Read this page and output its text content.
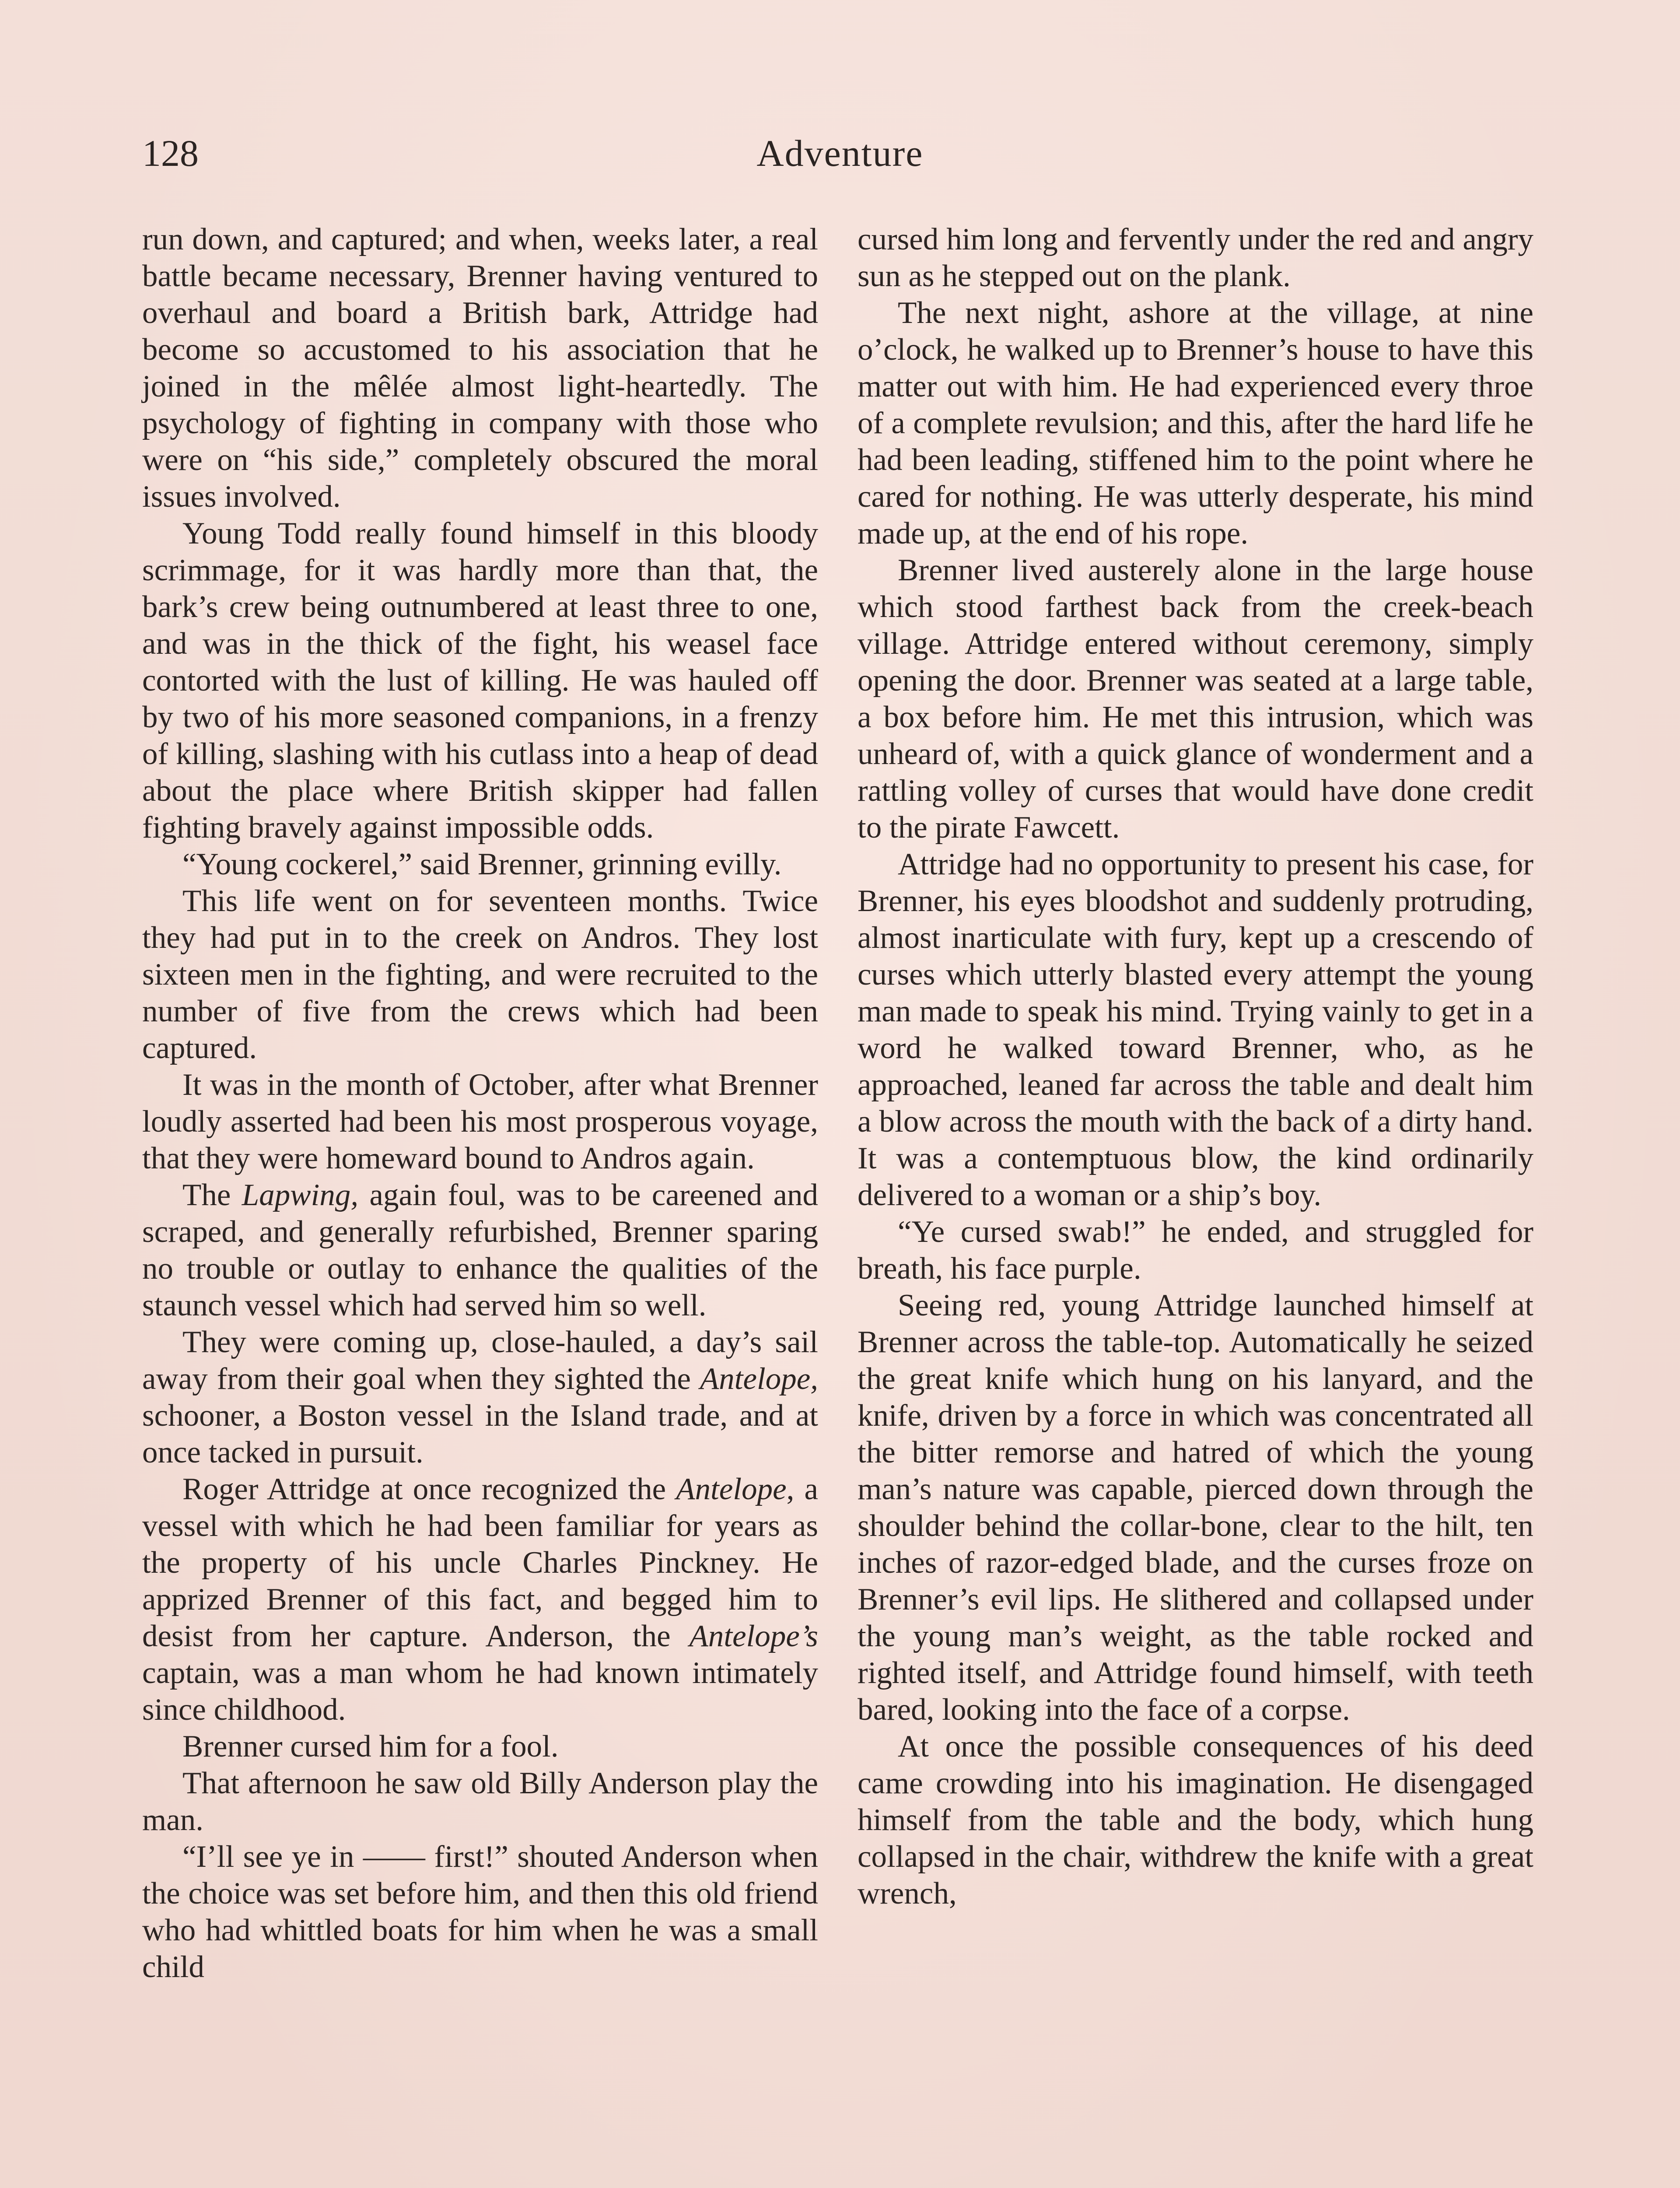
128	Adventure

run down, and captured; and when, weeks later, a real battle became necessary, Brenner having ventured to overhaul and board a British bark, Attridge had become so accustomed to his association that he joined in the mêlée almost light-heartedly. The psychology of fighting in company with those who were on “his side,” completely obscured the moral issues involved.

Young Todd really found himself in this bloody scrimmage, for it was hardly more than that, the bark’s crew being outnumbered at least three to one, and was in the thick of the fight, his weasel face contorted with the lust of killing. He was hauled off by two of his more seasoned companions, in a frenzy of killing, slashing with his cutlass into a heap of dead about the place where British skipper had fallen fighting bravely against impossible odds.

“Young cockerel,” said Brenner, grinning evilly.

This life went on for seventeen months. Twice they had put in to the creek on Andros. They lost sixteen men in the fighting, and were recruited to the number of five from the crews which had been captured.

It was in the month of October, after what Brenner loudly asserted had been his most prosperous voyage, that they were homeward bound to Andros again.

The Lapwing, again foul, was to be careened and scraped, and generally refurbished, Brenner sparing no trouble or outlay to enhance the qualities of the staunch vessel which had served him so well.

They were coming up, close-hauled, a day’s sail away from their goal when they sighted the Antelope, schooner, a Boston vessel in the Island trade, and at once tacked in pursuit.

Roger Attridge at once recognized the Antelope, a vessel with which he had been familiar for years as the property of his uncle Charles Pinckney. He apprized Brenner of this fact, and begged him to desist from her capture. Anderson, the Antelope’s captain, was a man whom he had known intimately since childhood.

Brenner cursed him for a fool.

That afternoon he saw old Billy Anderson play the man.

“I’ll see ye in —— first!” shouted Anderson when the choice was set before him, and then this old friend who had whittled boats for him when he was a small child

cursed him long and fervently under the red and angry sun as he stepped out on the plank.

The next night, ashore at the village, at nine o’clock, he walked up to Brenner’s house to have this matter out with him. He had experienced every throe of a complete revulsion; and this, after the hard life he had been leading, stiffened him to the point where he cared for nothing. He was utterly desperate, his mind made up, at the end of his rope.

Brenner lived austerely alone in the large house which stood farthest back from the creek-beach village. Attridge entered without ceremony, simply opening the door. Brenner was seated at a large table, a box before him. He met this intrusion, which was unheard of, with a quick glance of wonderment and a rattling volley of curses that would have done credit to the pirate Fawcett.

Attridge had no opportunity to present his case, for Brenner, his eyes bloodshot and suddenly protruding, almost inarticulate with fury, kept up a crescendo of curses which utterly blasted every attempt the young man made to speak his mind. Trying vainly to get in a word he walked toward Brenner, who, as he approached, leaned far across the table and dealt him a blow across the mouth with the back of a dirty hand. It was a contemptuous blow, the kind ordinarily delivered to a woman or a ship’s boy.

“Ye cursed swab!” he ended, and struggled for breath, his face purple.

Seeing red, young Attridge launched himself at Brenner across the table-top. Automatically he seized the great knife which hung on his lanyard, and the knife, driven by a force in which was concentrated all the bitter remorse and hatred of which the young man’s nature was capable, pierced down through the shoulder behind the collar-bone, clear to the hilt, ten inches of razor-edged blade, and the curses froze on Brenner’s evil lips. He slithered and collapsed under the young man’s weight, as the table rocked and righted itself, and Attridge found himself, with teeth bared, looking into the face of a corpse.

At once the possible consequences of his deed came crowding into his imagination. He disengaged himself from the table and the body, which hung collapsed in the chair, withdrew the knife with a great wrench,
